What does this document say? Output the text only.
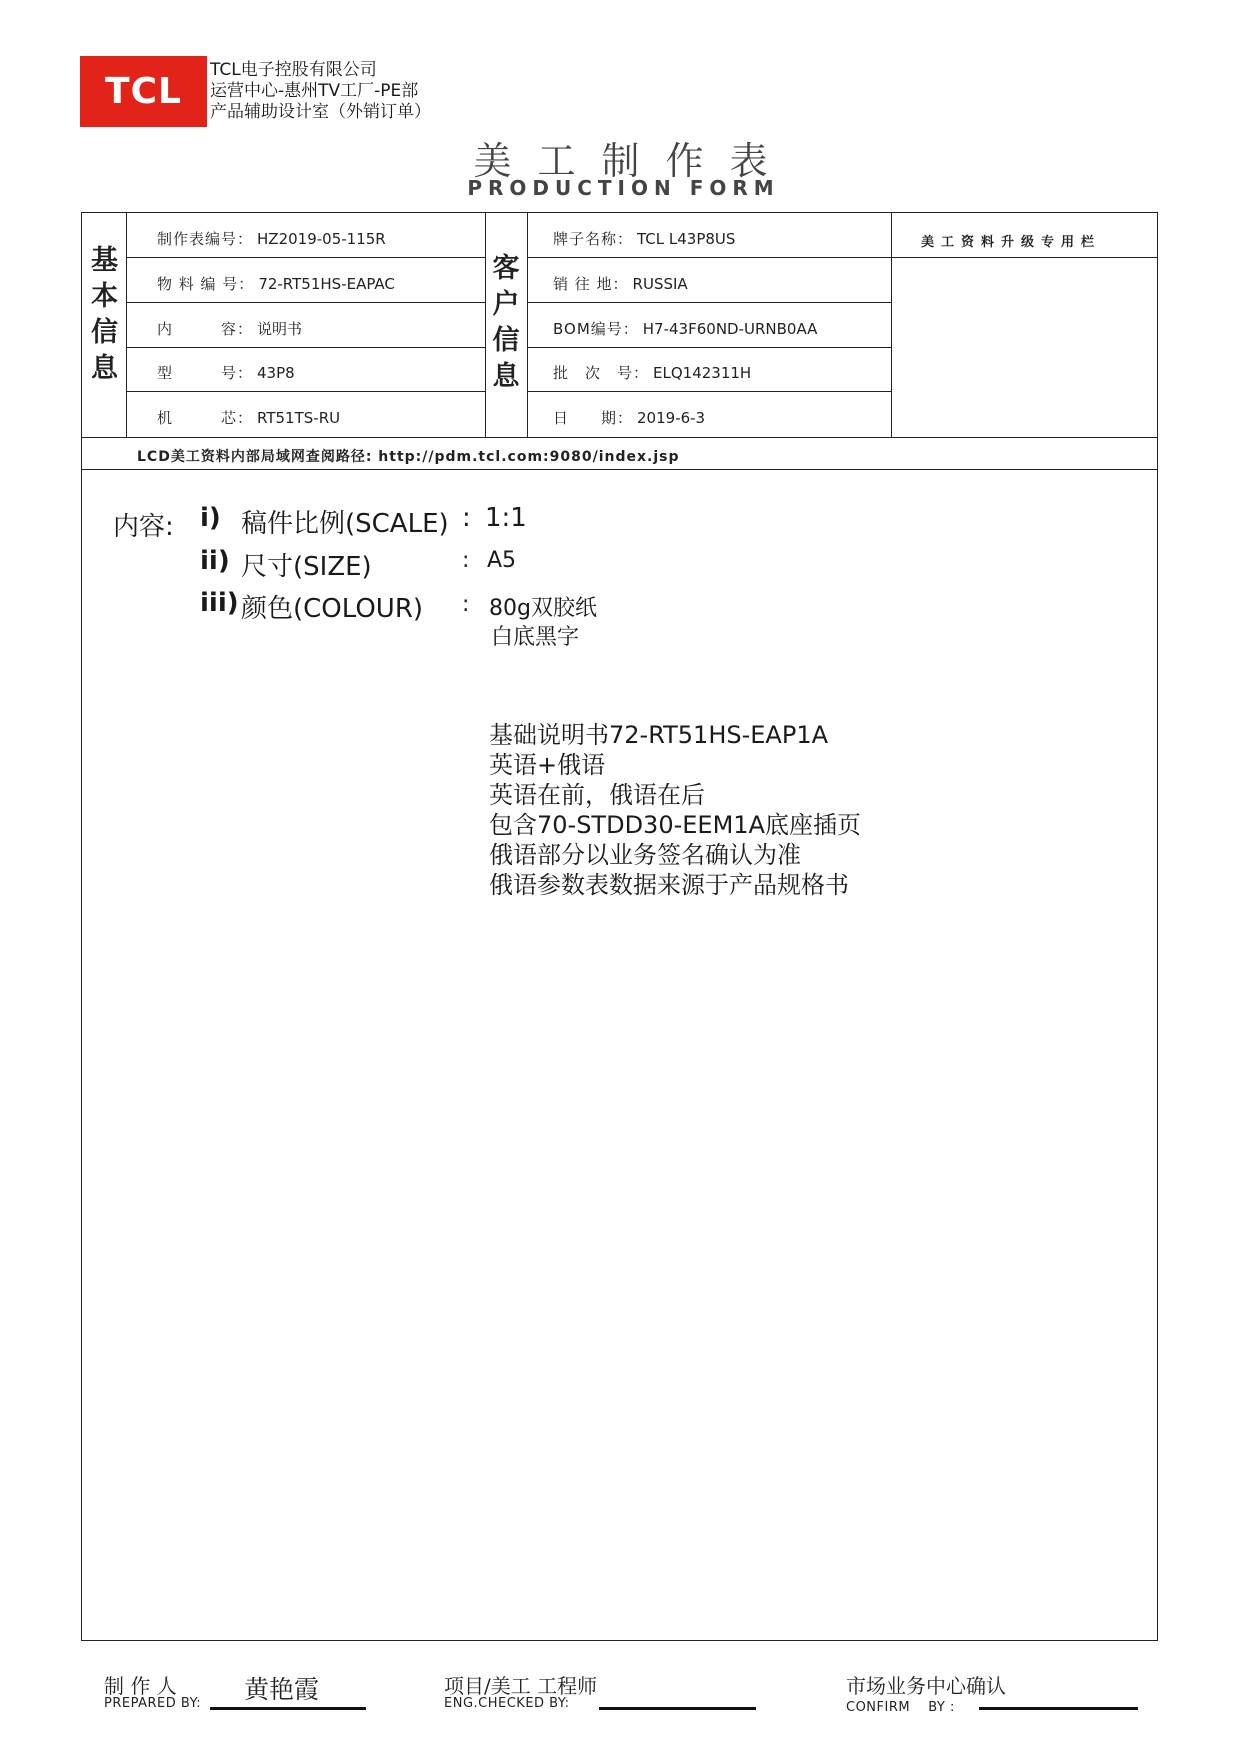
TCL
TCL电子控股有限公司
运营中心-惠州TV工厂-PE部
产品辅助设计室（外销订单）
美工制作表
PRODUCTION FORM
基
本
信
息
客
户
信
息
制作表编号： HZ2019-05-115R
物 料 编 号： 72-RT51HS-EAPAC
内　　　容： 说明书
型　　　号： 43P8
机　　　芯： RT51TS-RU
牌子名称： TCL L43P8US
销 往 地： RUSSIA
BOM编号： H7-43F60ND-URNB0AA
批　次　号： ELQ142311H
日　　期： 2019-6-3
美工资料升级专用栏
LCD美工资料内部局域网查阅路径: http://pdm.tcl.com:9080/index.jsp
内容: i) 稿件比例(SCALE) : 1:1
ii) 尺寸(SIZE)	: A5
iii) 颜色(COLOUR) : 80g双胶纸
白底黑字
基础说明书72-RT51HS-EAP1A
英语+俄语
英语在前，俄语在后
包含70-STDD30-EEM1A底座插页
俄语部分以业务签名确认为准
俄语参数表数据来源于产品规格书
制 作 人
PREPARED BY: 黄艳霞	项目/美工 工程师
ENG.CHECKED BY:
市场业务中心确认
CONFIRM　 BY :
